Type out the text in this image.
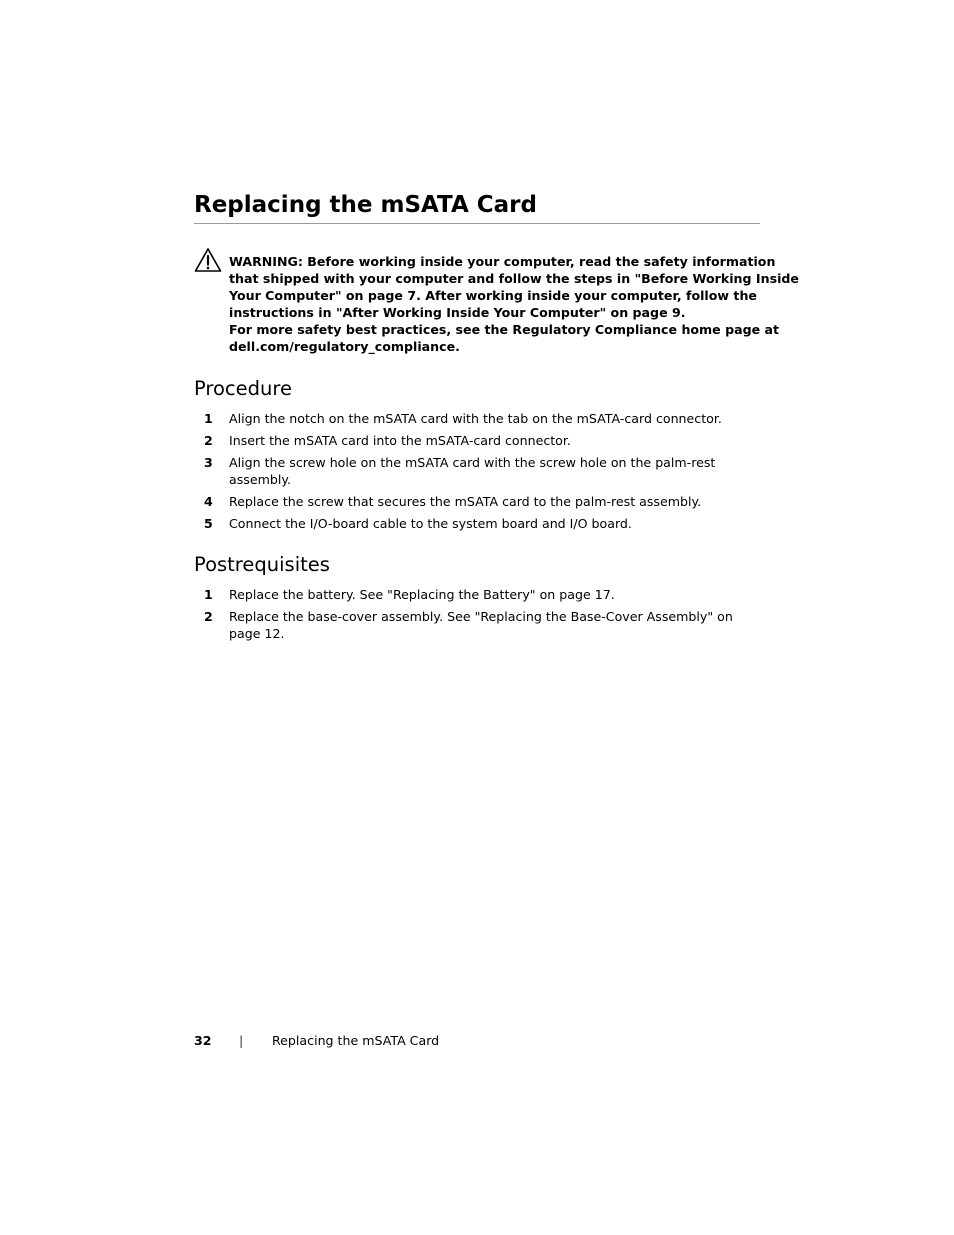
Replacing the mSATA Card
WARNING: Before working inside your computer, read the safety information
that shipped with your computer and follow the steps in "Before Working Inside
Your Computer" on page 7. After working inside your computer, follow the
instructions in "After Working Inside Your Computer" on page 9.
For more safety best practices, see the Regulatory Compliance home page at
dell.com/regulatory_compliance.
Procedure
1 Align the notch on the mSATA card with the tab on the mSATA-card connector.
2 Insert the mSATA card into the mSATA-card connector.
3 Align the screw hole on the mSATA card with the screw hole on the palm-rest
assembly.
4 Replace the screw that secures the mSATA card to the palm-rest assembly.
5 Connect the I/O-board cable to the system board and I/O board.
Postrequisites
1 Replace the battery. See "Replacing the Battery" on page 17.
2 Replace the base-cover assembly. See "Replacing the Base-Cover Assembly" on
page 12.
32 | Replacing the mSATA Card
